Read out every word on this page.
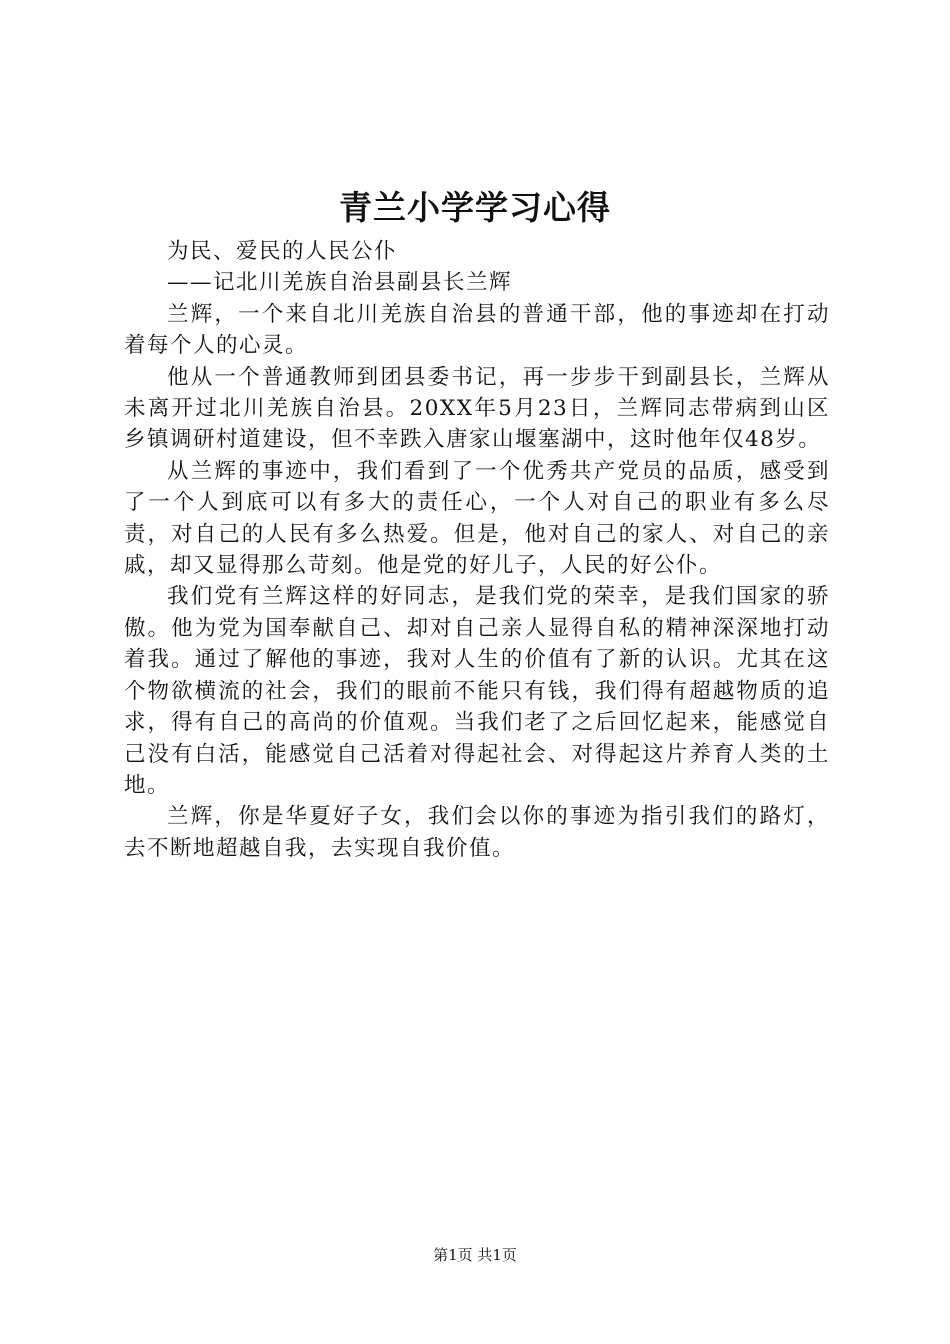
青兰小学学习心得

为民、爱民的人民公仆

——记北川羌族自治县副县长兰辉

兰辉，一个来自北川羌族自治县的普通干部，他的事迹却在打动着每个人的心灵。

他从一个普通教师到团县委书记，再一步步干到副县长，兰辉从未离开过北川羌族自治县。20XX年5月23日，兰辉同志带病到山区乡镇调研村道建设，但不幸跌入唐家山堰塞湖中，这时他年仅48岁。

从兰辉的事迹中，我们看到了一个优秀共产党员的品质，感受到了一个人到底可以有多大的责任心，一个人对自己的职业有多么尽责，对自己的人民有多么热爱。但是，他对自己的家人、对自己的亲戚，却又显得那么苛刻。他是党的好儿子，人民的好公仆。

我们党有兰辉这样的好同志，是我们党的荣幸，是我们国家的骄傲。他为党为国奉献自己、却对自己亲人显得自私的精神深深地打动着我。通过了解他的事迹，我对人生的价值有了新的认识。尤其在这个物欲横流的社会，我们的眼前不能只有钱，我们得有超越物质的追求，得有自己的高尚的价值观。当我们老了之后回忆起来，能感觉自己没有白活，能感觉自己活着对得起社会、对得起这片养育人类的土地。

兰辉，你是华夏好子女，我们会以你的事迹为指引我们的路灯，去不断地超越自我，去实现自我价值。

第1页 共1页
